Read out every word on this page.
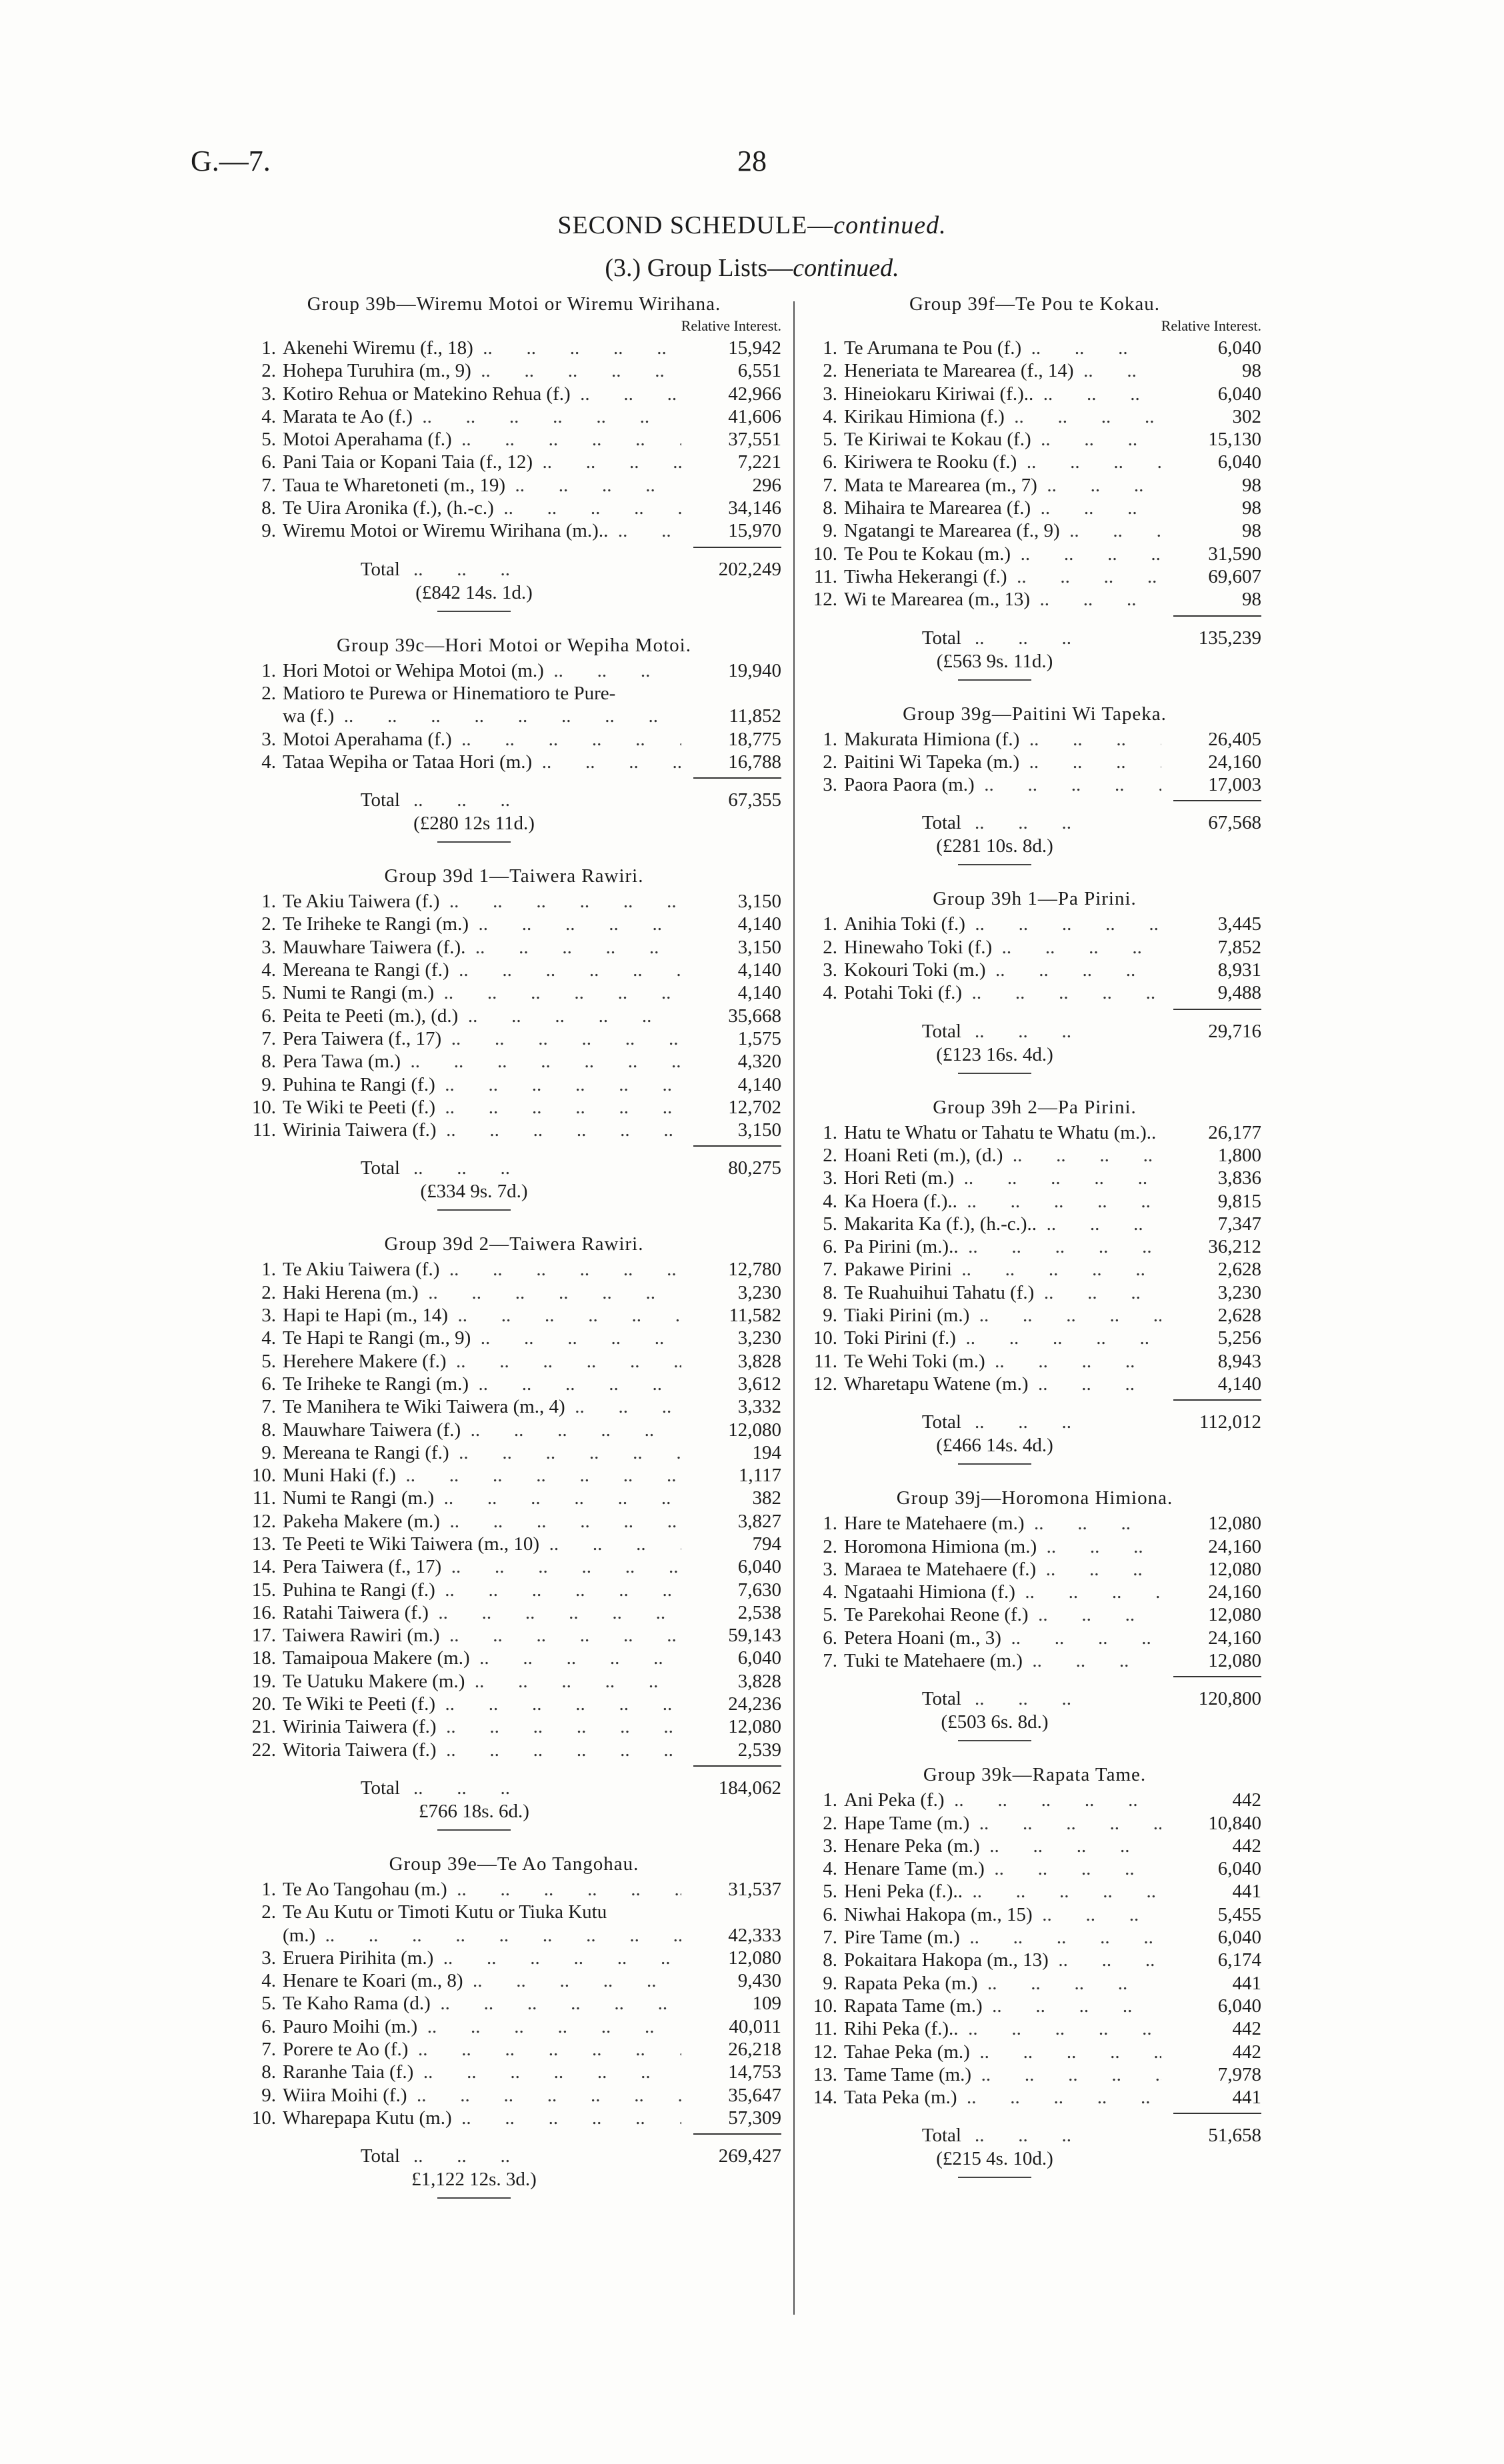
G.—7.	28
SECOND SCHEDULE—continued.
(3.) Group Lists—continued.
Group 39b—Wiremu Motoi or Wiremu Wirihana.
Relative Interest.
1. Akenehi Wiremu (f., 18) ..	15,942
2. Hohepa Turuhira (m., 9) ..	6,551
3. Kotiro Rehua or Matekino Rehua (f.) ..	42,966
4. Marata te Ao (f.) ..	41,606
5. Motoi Aperahama (f.) ..	37,551
6. Pani Taia or Kopani Taia (f., 12) ..	7,221
7. Taua te Wharetoneti (m., 19) ..	296
8. Te Uira Aronika (f.), (h.-c.) ..	34,146
9. Wiremu Motoi or Wiremu Wirihana (m.).. ..	15,970
Total ..       ..       ..	202,249
(£842 14s. 1d.)
Group 39c—Hori Motoi or Wepiha Motoi.
1. Hori Motoi or Wehipa Motoi (m.) ..	19,940
2. Matioro te Purewa or Hinematioro te Pure-
wa (f.) ..	11,852
3. Motoi Aperahama (f.) ..	18,775
4. Tataa Wepiha or Tataa Hori (m.) ..	16,788
Total ..       ..       ..	67,355
(£280 12s 11d.)
Group 39d 1—Taiwera Rawiri.
1. Te Akiu Taiwera (f.) ..	3,150
2. Te Iriheke te Rangi (m.) ..	4,140
3. Mauwhare Taiwera (f.). ..	3,150
4. Mereana te Rangi (f.) ..	4,140
5. Numi te Rangi (m.) ..	4,140
6. Peita te Peeti (m.), (d.) ..	35,668
7. Pera Taiwera (f., 17) ..	1,575
8. Pera Tawa (m.) ..	4,320
9. Puhina te Rangi (f.) ..	4,140
10. Te Wiki te Peeti (f.) ..	12,702
11. Wirinia Taiwera (f.) ..	3,150
Total ..       ..       ..	80,275
(£334 9s. 7d.)
Group 39d 2—Taiwera Rawiri.
1. Te Akiu Taiwera (f.) ..	12,780
2. Haki Herena (m.) ..	3,230
3. Hapi te Hapi (m., 14) ..	11,582
4. Te Hapi te Rangi (m., 9) ..	3,230
5. Herehere Makere (f.) ..	3,828
6. Te Iriheke te Rangi (m.) ..	3,612
7. Te Manihera te Wiki Taiwera (m., 4) ..	3,332
8. Mauwhare Taiwera (f.) ..	12,080
9. Mereana te Rangi (f.) ..	194
10. Muni Haki (f.) ..	1,117
11. Numi te Rangi (m.) ..	382
12. Pakeha Makere (m.) ..	3,827
13. Te Peeti te Wiki Taiwera (m., 10) ..	794
14. Pera Taiwera (f., 17) ..	6,040
15. Puhina te Rangi (f.) ..	7,630
16. Ratahi Taiwera (f.) ..	2,538
17. Taiwera Rawiri (m.) ..	59,143
18. Tamaipoua Makere (m.) ..	6,040
19. Te Uatuku Makere (m.) ..	3,828
20. Te Wiki te Peeti (f.) ..	24,236
21. Wirinia Taiwera (f.) ..	12,080
22. Witoria Taiwera (f.) ..	2,539
Total ..       ..       ..	184,062
£766 18s. 6d.)
Group 39e—Te Ao Tangohau.
1. Te Ao Tangohau (m.) ..	31,537
2. Te Au Kutu or Timoti Kutu or Tiuka Kutu
(m.) ..	42,333
3. Eruera Pirihita (m.) ..	12,080
4. Henare te Koari (m., 8) ..	9,430
5. Te Kaho Rama (d.) ..	109
6. Pauro Moihi (m.) ..	40,011
7. Porere te Ao (f.) ..	26,218
8. Raranhe Taia (f.) ..	14,753
9. Wiira Moihi (f.) ..	35,647
10. Wharepapa Kutu (m.) ..	57,309
Total ..       ..       ..	269,427
£1,122 12s. 3d.)
Group 39f—Te Pou te Kokau.
Relative Interest.
1. Te Arumana te Pou (f.) ..	6,040
2. Heneriata te Marearea (f., 14) ..	98
3. Hineiokaru Kiriwai (f.).. ..	6,040
4. Kirikau Himiona (f.) ..	302
5. Te Kiriwai te Kokau (f.) ..	15,130
6. Kiriwera te Rooku (f.) ..	6,040
7. Mata te Marearea (m., 7) ..	98
8. Mihaira te Marearea (f.) ..	98
9. Ngatangi te Marearea (f., 9) ..	98
10. Te Pou te Kokau (m.) ..	31,590
11. Tiwha Hekerangi (f.) ..	69,607
12. Wi te Marearea (m., 13) ..	98
Total ..       ..       ..	135,239
(£563 9s. 11d.)
Group 39g—Paitini Wi Tapeka.
1. Makurata Himiona (f.) ..	26,405
2. Paitini Wi Tapeka (m.) ..	24,160
3. Paora Paora (m.) ..	17,003
Total ..       ..       ..	67,568
(£281 10s. 8d.)
Group 39h 1—Pa Pirini.
1. Anihia Toki (f.) ..	3,445
2. Hinewaho Toki (f.) ..	7,852
3. Kokouri Toki (m.) ..	8,931
4. Potahi Toki (f.) ..	9,488
Total ..       ..       ..	29,716
(£123 16s. 4d.)
Group 39h 2—Pa Pirini.
1. Hatu te Whatu or Tahatu te Whatu (m.).. ..	26,177
2. Hoani Reti (m.), (d.) ..	1,800
3. Hori Reti (m.) ..	3,836
4. Ka Hoera (f.).. ..	9,815
5. Makarita Ka (f.), (h.-c.).. ..	7,347
6. Pa Pirini (m.).. ..	36,212
7. Pakawe Pirini ..	2,628
8. Te Ruahuihui Tahatu (f.) ..	3,230
9. Tiaki Pirini (m.) ..	2,628
10. Toki Pirini (f.) ..	5,256
11. Te Wehi Toki (m.) ..	8,943
12. Wharetapu Watene (m.) ..	4,140
Total ..       ..       ..	112,012
(£466 14s. 4d.)
Group 39j—Horomona Himiona.
1. Hare te Matehaere (m.) ..	12,080
2. Horomona Himiona (m.) ..	24,160
3. Maraea te Matehaere (f.) ..	12,080
4. Ngataahi Himiona (f.) ..	24,160
5. Te Parekohai Reone (f.) ..	12,080
6. Petera Hoani (m., 3) ..	24,160
7. Tuki te Matehaere (m.) ..	12,080
Total ..       ..       ..	120,800
(£503 6s. 8d.)
Group 39k—Rapata Tame.
1. Ani Peka (f.) ..	442
2. Hape Tame (m.) ..	10,840
3. Henare Peka (m.) ..	442
4. Henare Tame (m.) ..	6,040
5. Heni Peka (f.).. ..	441
6. Niwhai Hakopa (m., 15) ..	5,455
7. Pire Tame (m.) ..	6,040
8. Pokaitara Hakopa (m., 13) ..	6,174
9. Rapata Peka (m.) ..	441
10. Rapata Tame (m.) ..	6,040
11. Rihi Peka (f.).. ..	442
12. Tahae Peka (m.) ..	442
13. Tame Tame (m.) ..	7,978
14. Tata Peka (m.) ..	441
Total ..       ..       ..	51,658
(£215 4s. 10d.)
